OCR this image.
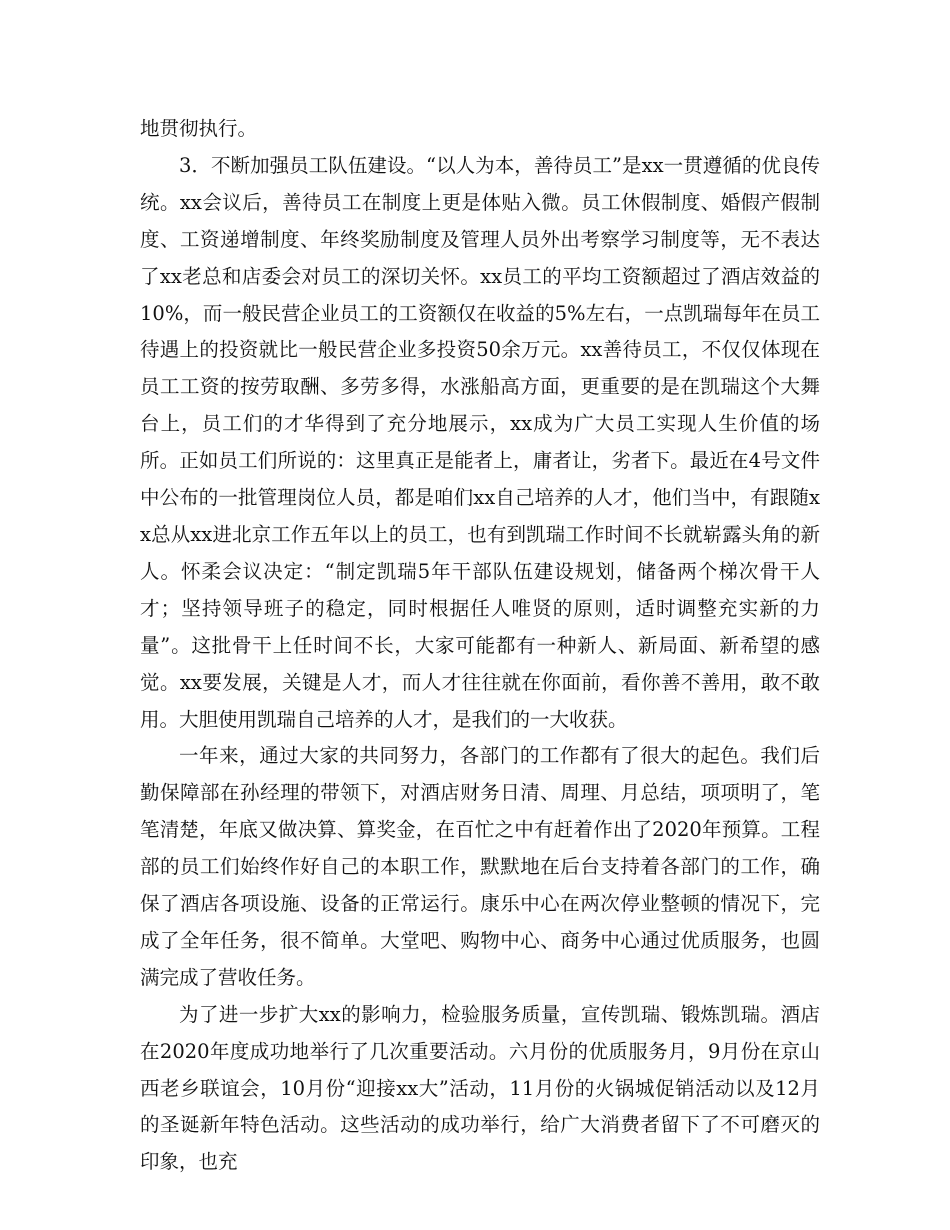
地贯彻执行。

3．不断加强员工队伍建设。“以人为本，善待员工”是xx一贯遵循的优良传统。xx会议后，善待员工在制度上更是体贴入微。员工休假制度、婚假产假制度、工资递增制度、年终奖励制度及管理人员外出考察学习制度等，无不表达了xx老总和店委会对员工的深切关怀。xx员工的平均工资额超过了酒店效益的10%，而一般民营企业员工的工资额仅在收益的5%左右，一点凯瑞每年在员工待遇上的投资就比一般民营企业多投资50余万元。xx善待员工，不仅仅体现在员工工资的按劳取酬、多劳多得，水涨船高方面，更重要的是在凯瑞这个大舞台上，员工们的才华得到了充分地展示，xx成为广大员工实现人生价值的场所。正如员工们所说的：这里真正是能者上，庸者让，劣者下。最近在4号文件中公布的一批管理岗位人员，都是咱们xx自己培养的人才，他们当中，有跟随xx总从xx进北京工作五年以上的员工，也有到凯瑞工作时间不长就崭露头角的新人。怀柔会议决定：“制定凯瑞5年干部队伍建设规划，储备两个梯次骨干人才；坚持领导班子的稳定，同时根据任人唯贤的原则，适时调整充实新的力量”。这批骨干上任时间不长，大家可能都有一种新人、新局面、新希望的感觉。xx要发展，关键是人才，而人才往往就在你面前，看你善不善用，敢不敢用。大胆使用凯瑞自己培养的人才，是我们的一大收获。

一年来，通过大家的共同努力，各部门的工作都有了很大的起色。我们后勤保障部在孙经理的带领下，对酒店财务日清、周理、月总结，项项明了，笔笔清楚，年底又做决算、算奖金，在百忙之中有赶着作出了2020年预算。工程部的员工们始终作好自己的本职工作，默默地在后台支持着各部门的工作，确保了酒店各项设施、设备的正常运行。康乐中心在两次停业整顿的情况下，完成了全年任务，很不简单。大堂吧、购物中心、商务中心通过优质服务，也圆满完成了营收任务。

为了进一步扩大xx的影响力，检验服务质量，宣传凯瑞、锻炼凯瑞。酒店在2020年度成功地举行了几次重要活动。六月份的优质服务月，9月份在京山西老乡联谊会，10月份“迎接xx大”活动，11月份的火锅城促销活动以及12月的圣诞新年特色活动。这些活动的成功举行，给广大消费者留下了不可磨灭的印象，也充
